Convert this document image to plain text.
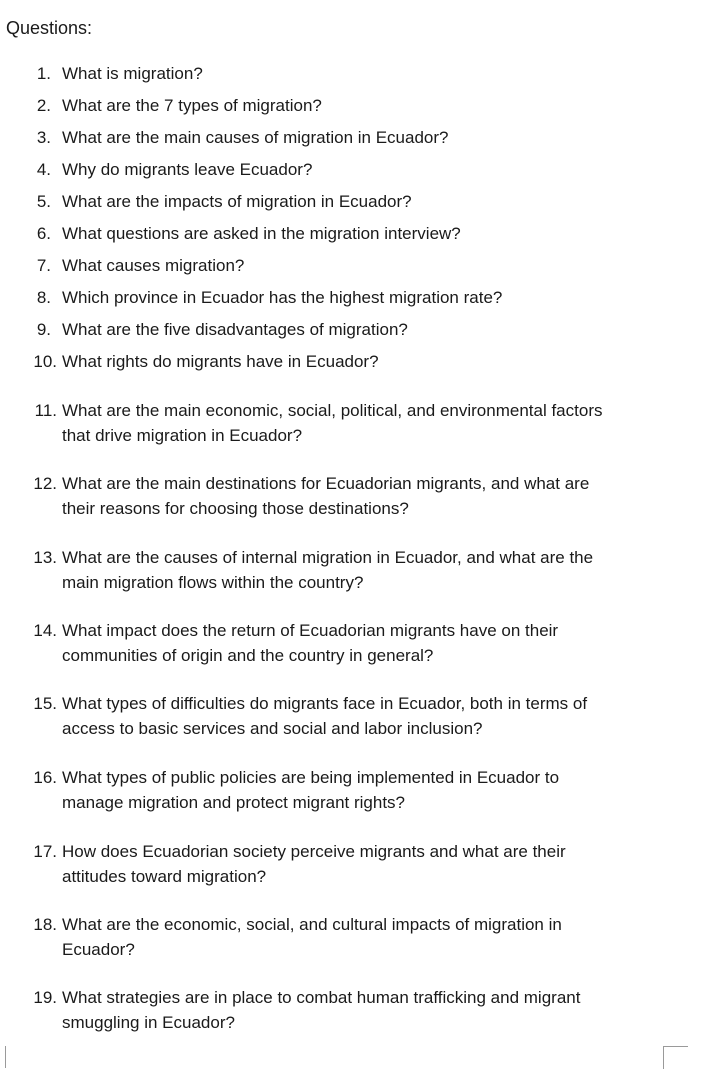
Questions:
1. What is migration?
2. What are the 7 types of migration?
3. What are the main causes of migration in Ecuador?
4. Why do migrants leave Ecuador?
5. What are the impacts of migration in Ecuador?
6. What questions are asked in the migration interview?
7. What causes migration?
8. Which province in Ecuador has the highest migration rate?
9. What are the five disadvantages of migration?
10. What rights do migrants have in Ecuador?
11. What are the main economic, social, political, and environmental factors
that drive migration in Ecuador?
12. What are the main destinations for Ecuadorian migrants, and what are
their reasons for choosing those destinations?
13. What are the causes of internal migration in Ecuador, and what are the
main migration flows within the country?
14. What impact does the return of Ecuadorian migrants have on their
communities of origin and the country in general?
15. What types of difficulties do migrants face in Ecuador, both in terms of
access to basic services and social and labor inclusion?
16. What types of public policies are being implemented in Ecuador to
manage migration and protect migrant rights?
17. How does Ecuadorian society perceive migrants and what are their
attitudes toward migration?
18. What are the economic, social, and cultural impacts of migration in
Ecuador?
19. What strategies are in place to combat human trafficking and migrant
smuggling in Ecuador?
